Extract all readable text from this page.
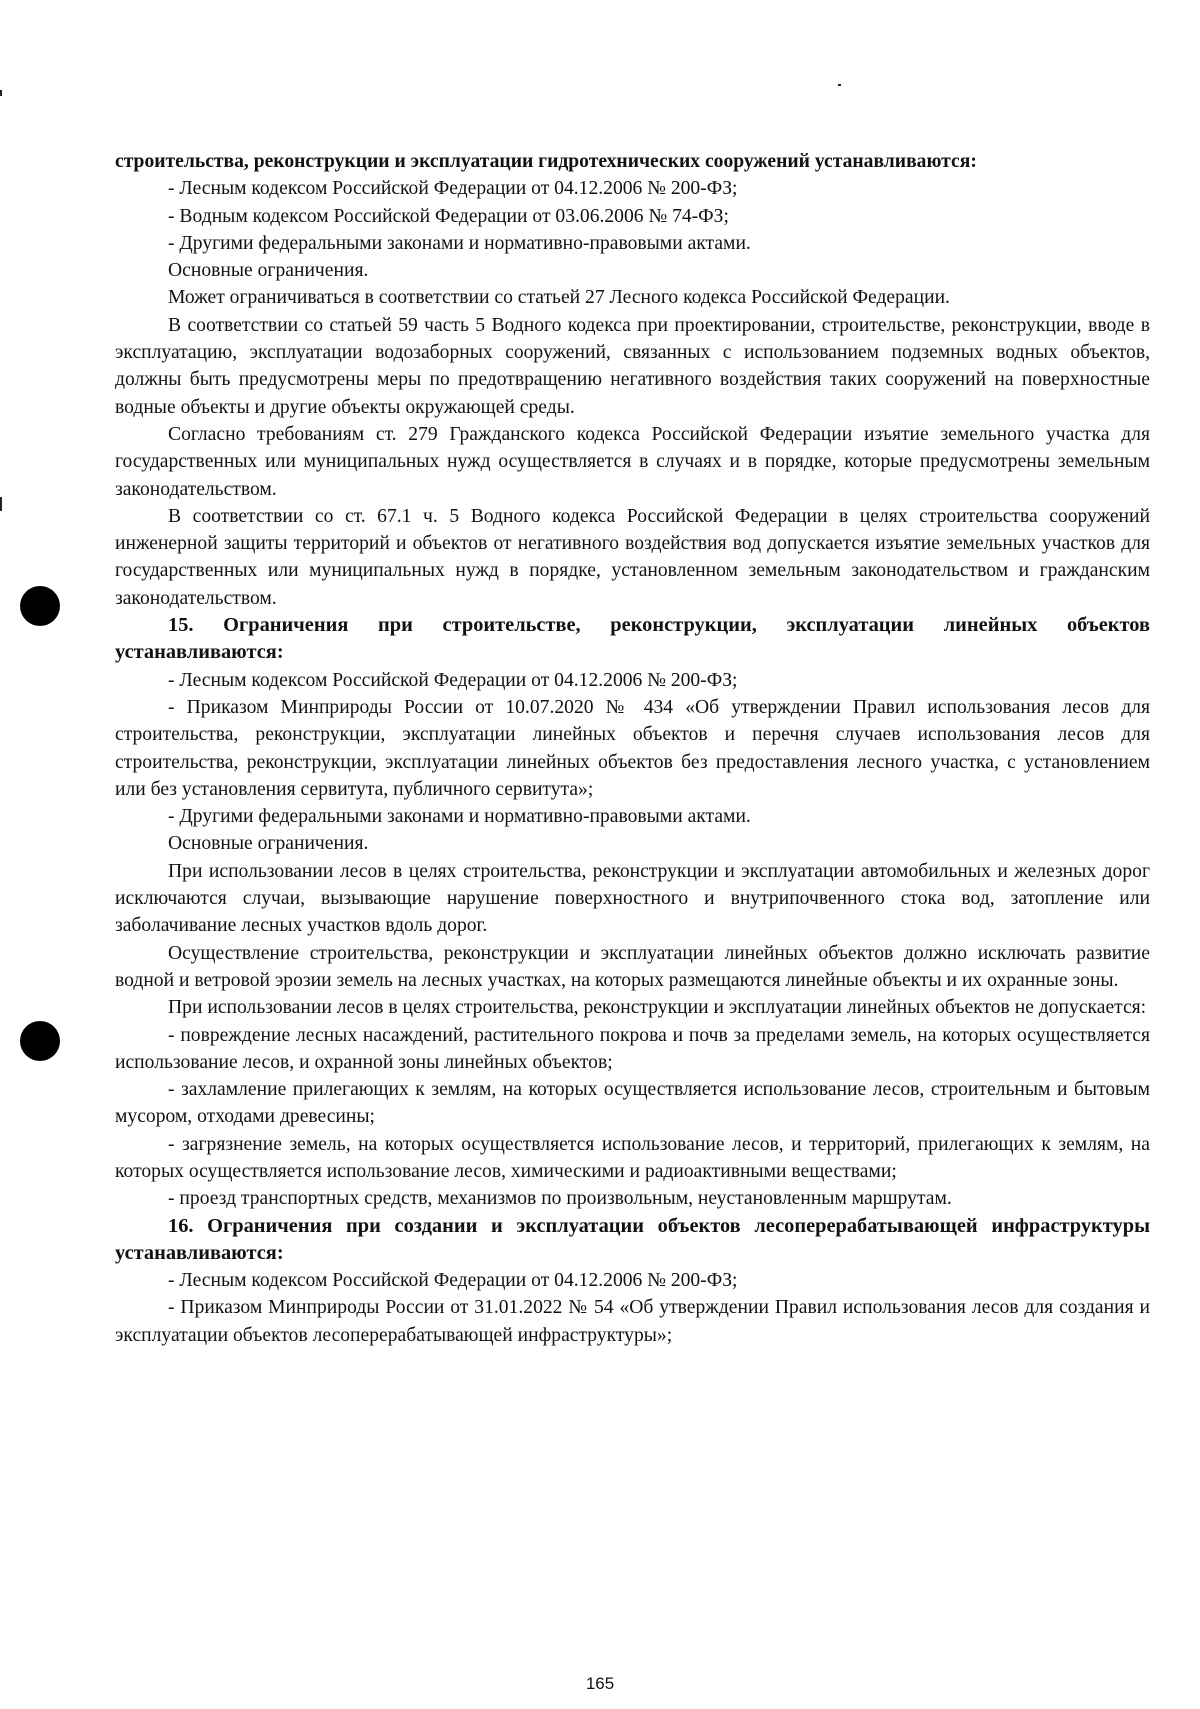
строительства, реконструкции и эксплуатации гидротехнических сооружений устанавливаются:

- Лесным кодексом Российской Федерации от 04.12.2006 № 200-ФЗ;

- Водным кодексом Российской Федерации от 03.06.2006 № 74-ФЗ;

- Другими федеральными законами и нормативно-правовыми актами.

Основные ограничения.

Может ограничиваться в соответствии со статьей 27 Лесного кодекса Российской Федерации.

В соответствии со статьей 59 часть 5 Водного кодекса при проектировании, строительстве, реконструкции, вводе в эксплуатацию, эксплуатации водозаборных сооружений, связанных с использованием подземных водных объектов, должны быть предусмотрены меры по предотвращению негативного воздействия таких сооружений на поверхностные водные объекты и другие объекты окружающей среды.

Согласно требованиям ст. 279 Гражданского кодекса Российской Федерации изъятие земельного участка для государственных или муниципальных нужд осуществляется в случаях и в порядке, которые предусмотрены земельным законодательством.

В соответствии со ст. 67.1 ч. 5 Водного кодекса Российской Федерации в целях строительства сооружений инженерной защиты территорий и объектов от негативного воздействия вод допускается изъятие земельных участков для государственных или муниципальных нужд в порядке, установленном земельным законодательством и гражданским законодательством.

15. Ограничения при строительстве, реконструкции, эксплуатации линейных объектов устанавливаются:

- Лесным кодексом Российской Федерации от 04.12.2006 № 200-ФЗ;

- Приказом Минприроды России от 10.07.2020 № 434 «Об утверждении Правил использования лесов для строительства, реконструкции, эксплуатации линейных объектов и перечня случаев использования лесов для строительства, реконструкции, эксплуатации линейных объектов без предоставления лесного участка, с установлением или без установления сервитута, публичного сервитута»;

- Другими федеральными законами и нормативно-правовыми актами.

Основные ограничения.

При использовании лесов в целях строительства, реконструкции и эксплуатации автомобильных и железных дорог исключаются случаи, вызывающие нарушение поверхностного и внутрипочвенного стока вод, затопление или заболачивание лесных участков вдоль дорог.

Осуществление строительства, реконструкции и эксплуатации линейных объектов должно исключать развитие водной и ветровой эрозии земель на лесных участках, на которых размещаются линейные объекты и их охранные зоны.

При использовании лесов в целях строительства, реконструкции и эксплуатации линейных объектов не допускается:

- повреждение лесных насаждений, растительного покрова и почв за пределами земель, на которых осуществляется использование лесов, и охранной зоны линейных объектов;

- захламление прилегающих к землям, на которых осуществляется использование лесов, строительным и бытовым мусором, отходами древесины;

- загрязнение земель, на которых осуществляется использование лесов, и территорий, прилегающих к землям, на которых осуществляется использование лесов, химическими и радиоактивными веществами;

- проезд транспортных средств, механизмов по произвольным, неустановленным маршрутам.

16. Ограничения при создании и эксплуатации объектов лесоперерабатывающей инфраструктуры устанавливаются:

- Лесным кодексом Российской Федерации от 04.12.2006 № 200-ФЗ;

- Приказом Минприроды России от 31.01.2022 № 54 «Об утверждении Правил использования лесов для создания и эксплуатации объектов лесоперерабатывающей инфраструктуры»;

165
